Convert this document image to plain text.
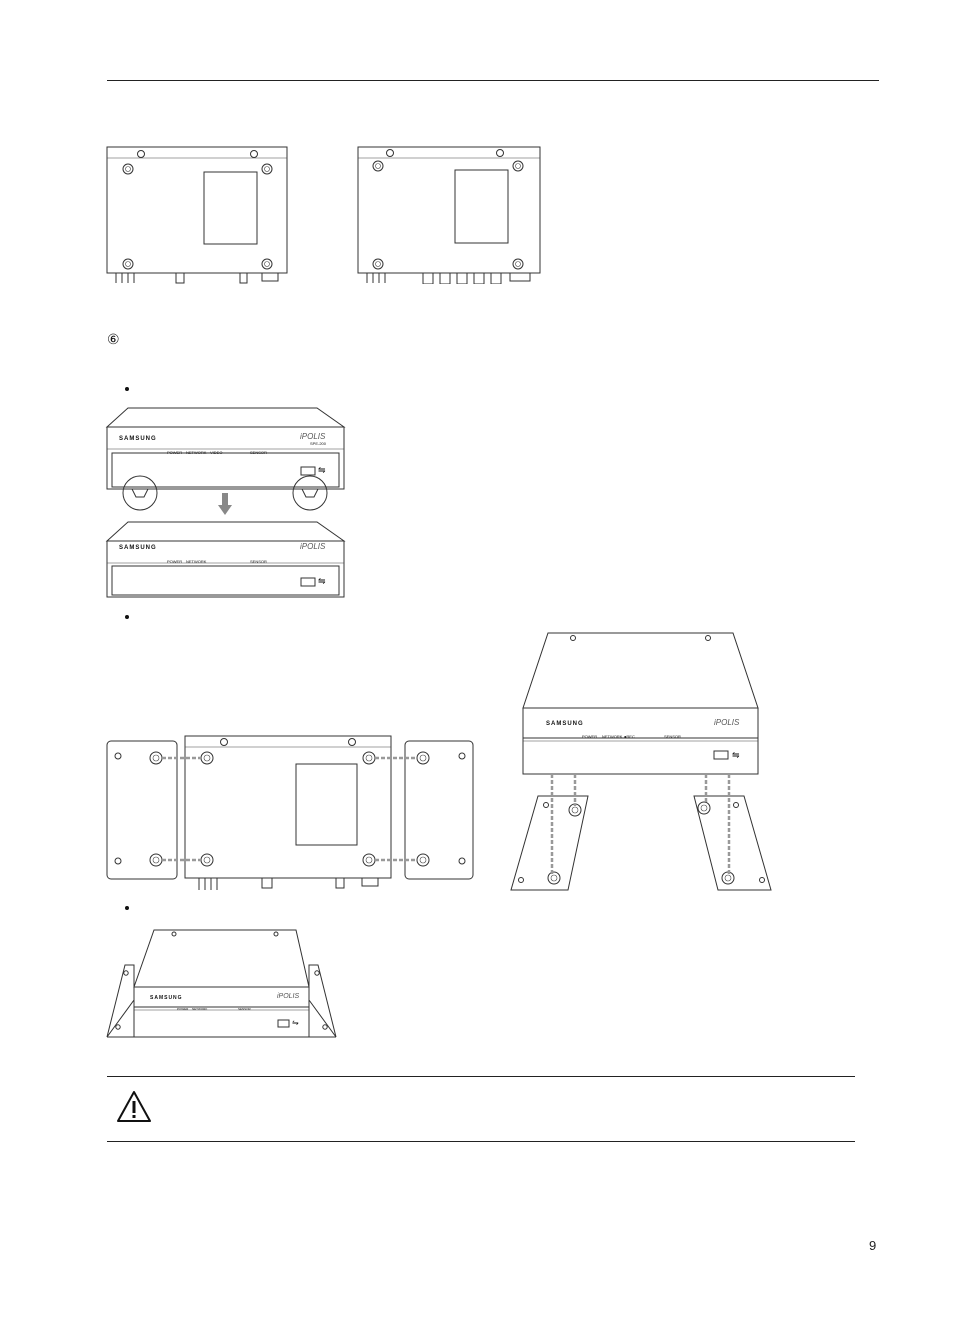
⑥
SAMSUNG	iPOLIS
SPE-200
POWER NETWORK VIDEO	SENSOR
⇋
SAMSUNG	iPOLIS
POWER NETWORK	SENSOR
⇋
SAMSUNG	iPOLIS
POWER NETWORK ●REC	SENSOR
⇋
SAMSUNG	iPOLIS
POWER NETWORK	SENSOR
⇋
9
